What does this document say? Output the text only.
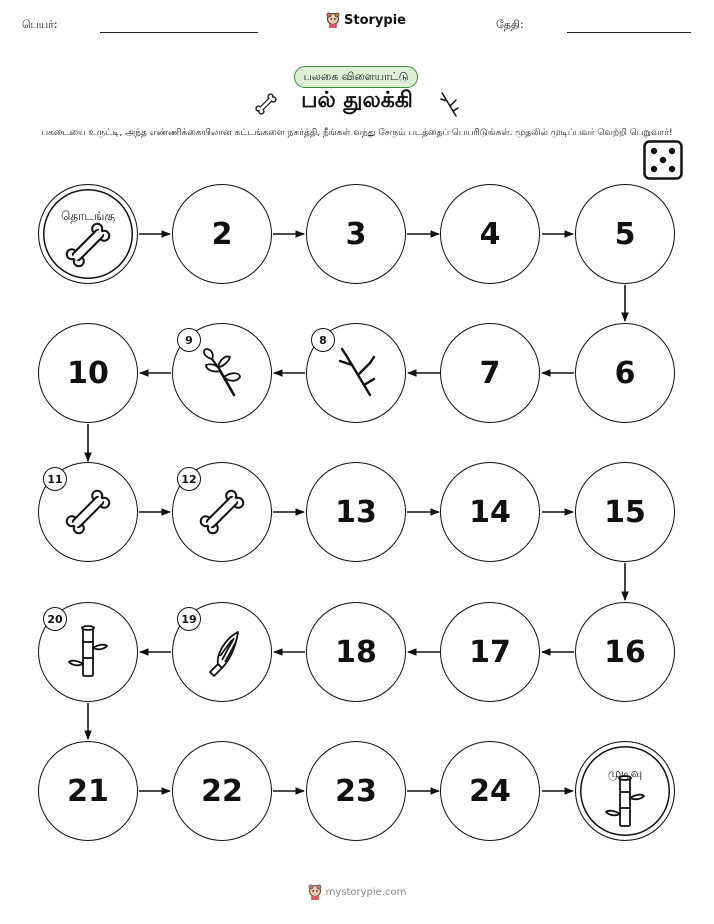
பெயர்:	Storypie	தேதி:
பலகை விளையாட்டு
பல் துலக்கி
பகடையை உருட்டி, அந்த எண்ணிக்கையிலான கட்டங்களை நகர்த்தி, நீங்கள் வந்து சேரும் படத்தைப் பெயரிடுங்கள். முதலில் முடிப்பவர் வெற்றி பெறுவார்!
தொடங்கு
2	3	4	5
6
7
8
9
10
11	12
13	14	15
16
17
18
19
20
21	22	23	24
முடிவு
mystorypie.com
